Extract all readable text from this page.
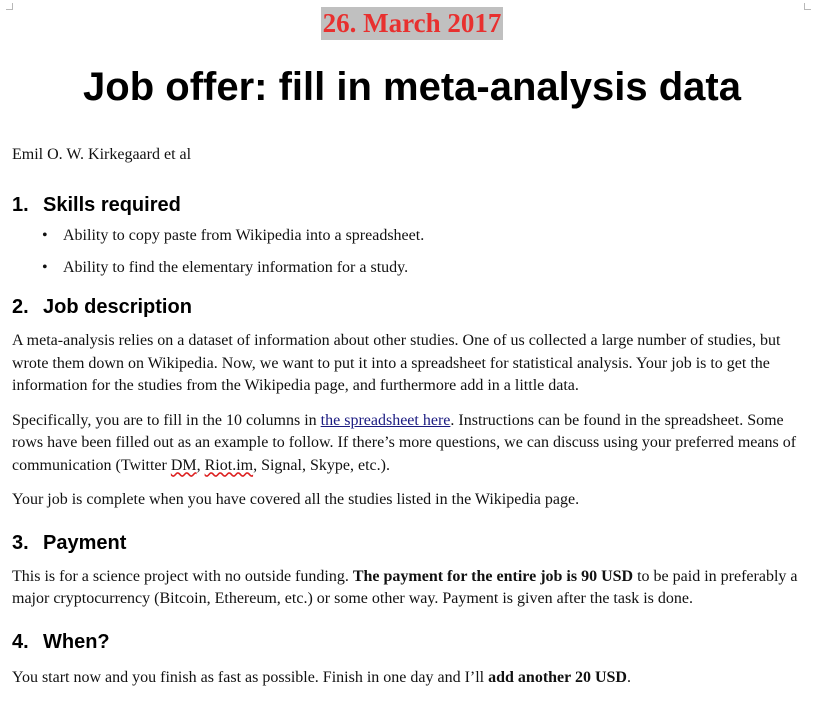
26. March 2017
Job offer: fill in meta-analysis data
Emil O. W. Kirkegaard et al
1. Skills required
• Ability to copy paste from Wikipedia into a spreadsheet.
• Ability to find the elementary information for a study.
2. Job description

A meta-analysis relies on a dataset of information about other studies. One of us collected a large number of studies, but wrote them down on Wikipedia. Now, we want to put it into a spreadsheet for statistical analysis. Your job is to get the information for the studies from the Wikipedia page, and furthermore add in a little data.

Specifically, you are to fill in the 10 columns in the spreadsheet here. Instructions can be found in the spreadsheet. Some rows have been filled out as an example to follow. If there’s more questions, we can discuss using your preferred means of communication (Twitter DM, Riot.im, Signal, Skype, etc.).

Your job is complete when you have covered all the studies listed in the Wikipedia page.

3. Payment

This is for a science project with no outside funding. The payment for the entire job is 90 USD to be paid in preferably a major cryptocurrency (Bitcoin, Ethereum, etc.) or some other way. Payment is given after the task is done.

4. When?

You start now and you finish as fast as possible. Finish in one day and I’ll add another 20 USD.
